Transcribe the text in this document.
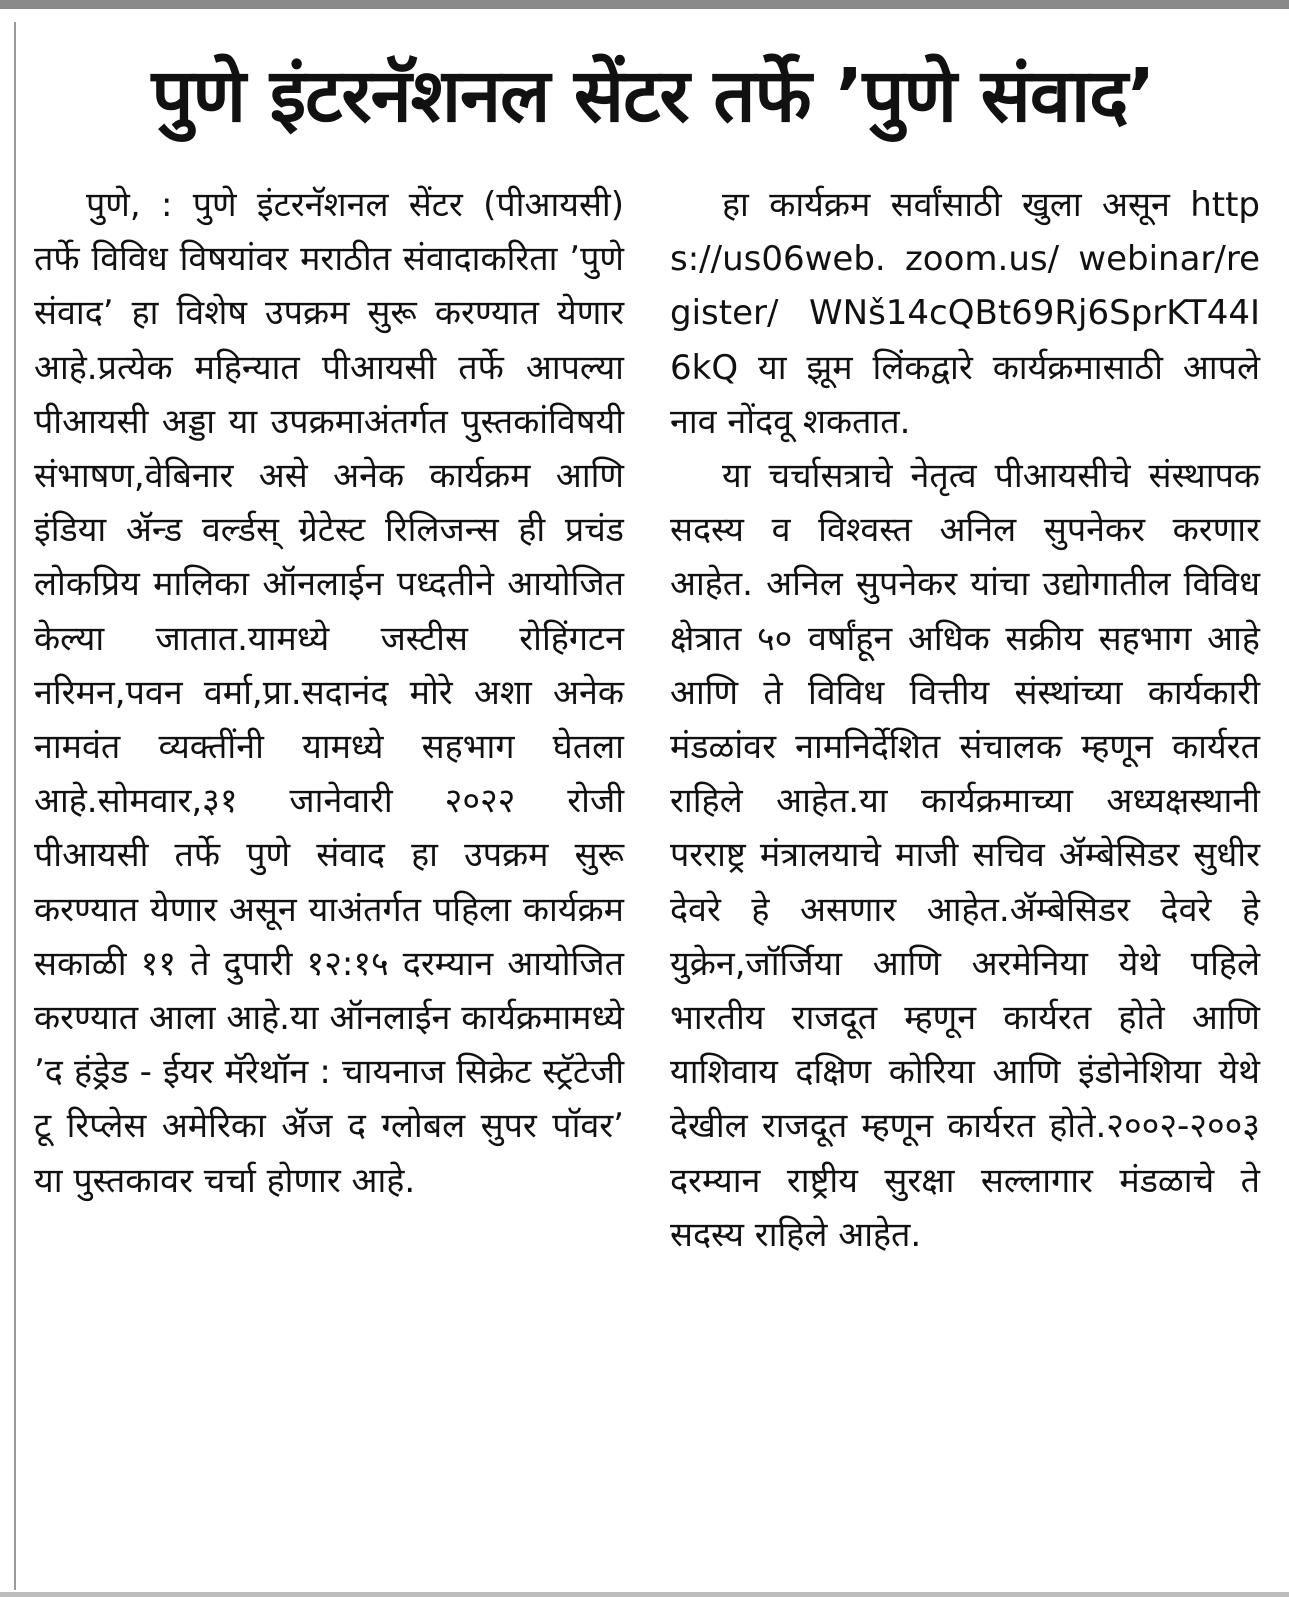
पुणे इंटरनॅशनल सेंटर तर्फे ’पुणे संवाद’

पुणे, : पुणे इंटरनॅशनल सेंटर (पीआयसी) तर्फे विविध विषयांवर मराठीत संवादाकरिता ’पुणे संवाद’ हा विशेष उपक्रम सुरू करण्यात येणार आहे.प्रत्येक महिन्यात पीआयसी तर्फे आपल्या पीआयसी अड्डा या उपक्रमाअंतर्गत पुस्तकांविषयी संभाषण,वेबिनार असे अनेक कार्यक्रम आणि इंडिया ॲन्ड वर्ल्डस् ग्रेटेस्ट रिलिजन्स ही प्रचंड लोकप्रिय मालिका ऑनलाईन पध्दतीने आयोजित केल्या जातात.यामध्ये जस्टीस रोहिंगटन नरिमन,पवन वर्मा,प्रा.सदानंद मोरे अशा अनेक नामवंत व्यक्तींनी यामध्ये सहभाग घेतला आहे.सोमवार,३१ जानेवारी २०२२ रोजी पीआयसी तर्फे पुणे संवाद हा उपक्रम सुरू करण्यात येणार असून याअंतर्गत पहिला कार्यक्रम सकाळी ११ ते दुपारी १२:१५ दरम्यान आयोजित करण्यात आला आहे.या ऑनलाईन कार्यक्रमामध्ये ’द हंड्रेड - ईयर मॅरेथॉन : चायनाज सिक्रेट स्ट्रॅटेजी टू रिप्लेस अमेरिका ॲज द ग्लोबल सुपर पॉवर’ या पुस्तकावर चर्चा होणार आहे.

हा कार्यक्रम सर्वांसाठी खुला असून https://us06web. zoom.us/ webinar/register/ WNš14cQBt69Rj6SprKT44I6kQ या झूम लिंकद्वारे कार्यक्रमासाठी आपले नाव नोंदवू शकतात.

या चर्चासत्राचे नेतृत्व पीआयसीचे संस्थापक सदस्य व विश्वस्त अनिल सुपनेकर करणार आहेत. अनिल सुपनेकर यांचा उद्योगातील विविध क्षेत्रात ५० वर्षांहून अधिक सक्रीय सहभाग आहे आणि ते विविध वित्तीय संस्थांच्या कार्यकारी मंडळांवर नामनिर्देशित संचालक म्हणून कार्यरत राहिले आहेत.या कार्यक्रमाच्या अध्यक्षस्थानी परराष्ट्र मंत्रालयाचे माजी सचिव ॲम्बेसिडर सुधीर देवरे हे असणार आहेत.ॲम्बेसिडर देवरे हे युक्रेन,जॉर्जिया आणि अरमेनिया येथे पहिले भारतीय राजदूत म्हणून कार्यरत होते आणि याशिवाय दक्षिण कोरिया आणि इंडोनेशिया येथे देखील राजदूत म्हणून कार्यरत होते.२००२-२००३ दरम्यान राष्ट्रीय सुरक्षा सल्लागार मंडळाचे ते सदस्य राहिले आहेत.
